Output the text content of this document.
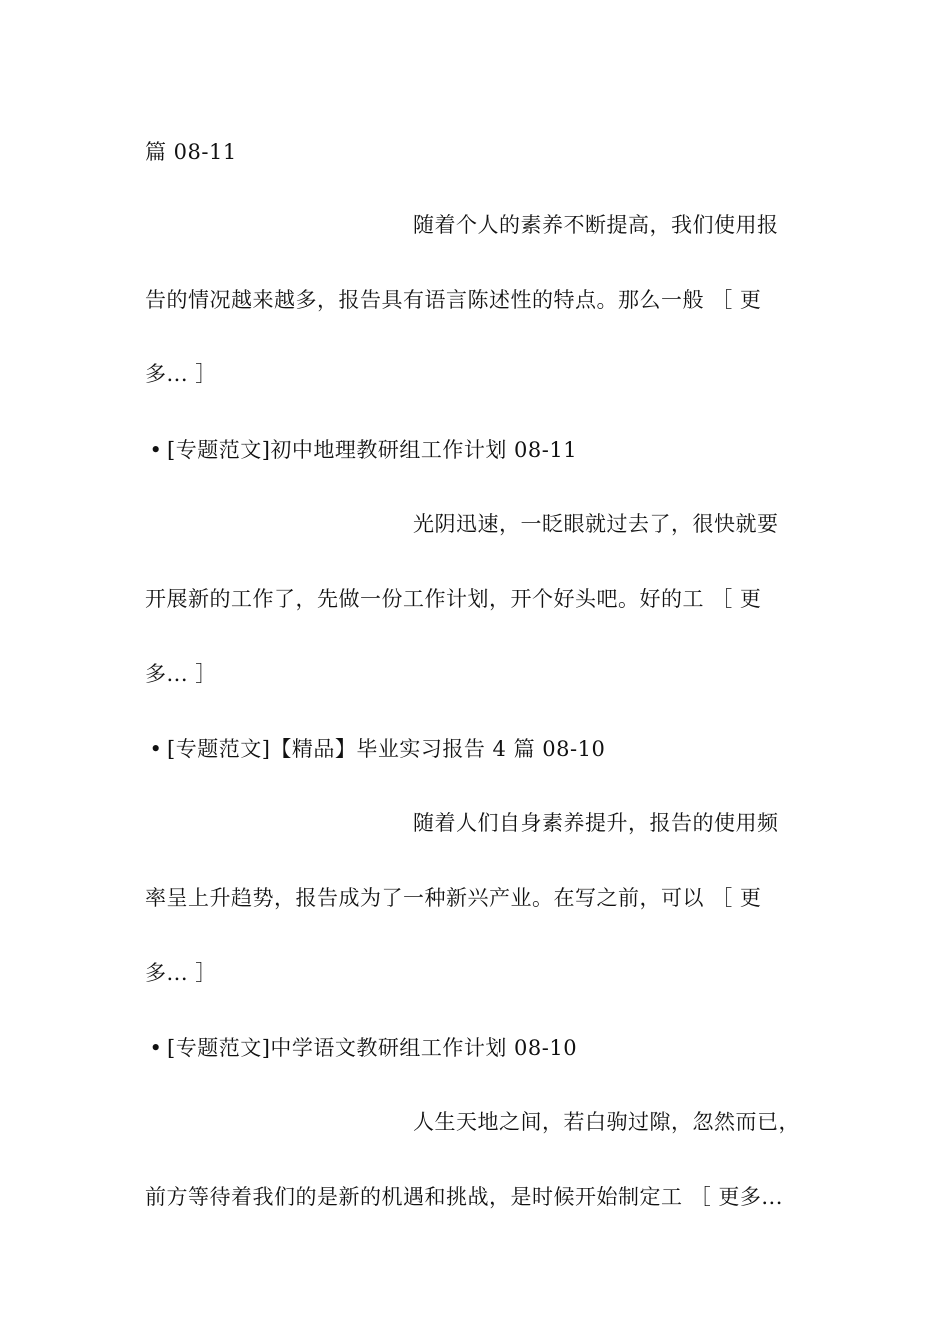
篇 08-11
随着个人的素养不断提高，我们使用报
告的情况越来越多，报告具有语言陈述性的特点。那么一般 ［ 更
多... ］
• [专题范文]初中地理教研组工作计划 08-11
光阴迅速，一眨眼就过去了，很快就要
开展新的工作了，先做一份工作计划，开个好头吧。好的工 ［ 更
多... ］
• [专题范文]【精品】毕业实习报告 4 篇 08-10
随着人们自身素养提升，报告的使用频
率呈上升趋势，报告成为了一种新兴产业。在写之前，可以 ［ 更
多... ］
• [专题范文]中学语文教研组工作计划 08-10
人生天地之间，若白驹过隙，忽然而已，
前方等待着我们的是新的机遇和挑战，是时候开始制定工 ［ 更多...
